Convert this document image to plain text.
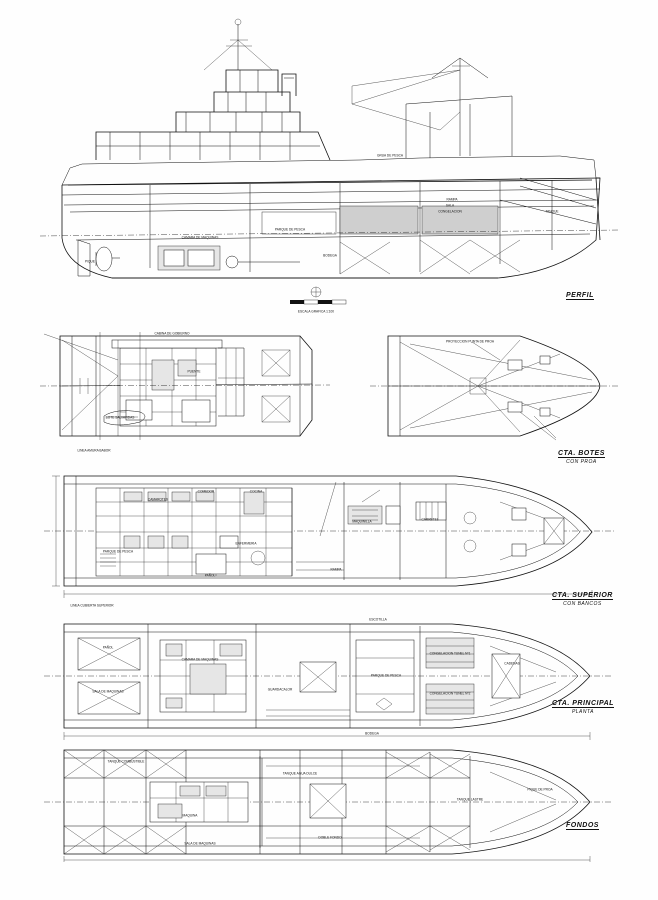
GRUA DE PESCA
RAMPA
SALA
CONGELACION
PARQUE DE PESCA
BODEGA
CAMARA DE MAQUINAS
TANQUE
PIQUE
ESCALA GRAFICA 1:100
CABINA DE GOBIERNO
PUENTE
BOTE SALVAVIDAS
LINEA AMURA BABOR
PROYECCION PUNTA DE PROA
PARQUE DE PESCA
MAQUINILLA	CARRETEL
PAÑOL
COCINA
COMEDOR
CAMAROTES
ENFERMERIA
RAMPA
LINEA CUBIERTA SUPERIOR
CAMARA DE MAQUINAS
PARQUE DE PESCA
CONGELACION TUNEL Nº1
CONGELACION TUNEL Nº2
GUARDACALOR
PAÑOL
SALA DE MAQUINAS
ESCOTILLA
BODEGA
CADENAS
TANQUE COMBUSTIBLE
TANQUE AGUA DULCE
MAQUINA
TANQUE LASTRE
PIQUE DE PROA
DOBLE FONDO
SALA DE MAQUINAS
PERFIL
CTA. BOTES
CON PROA
CTA. SUPERIOR
CON BANCOS
CTA. PRINCIPAL
PLANTA
FONDOS
